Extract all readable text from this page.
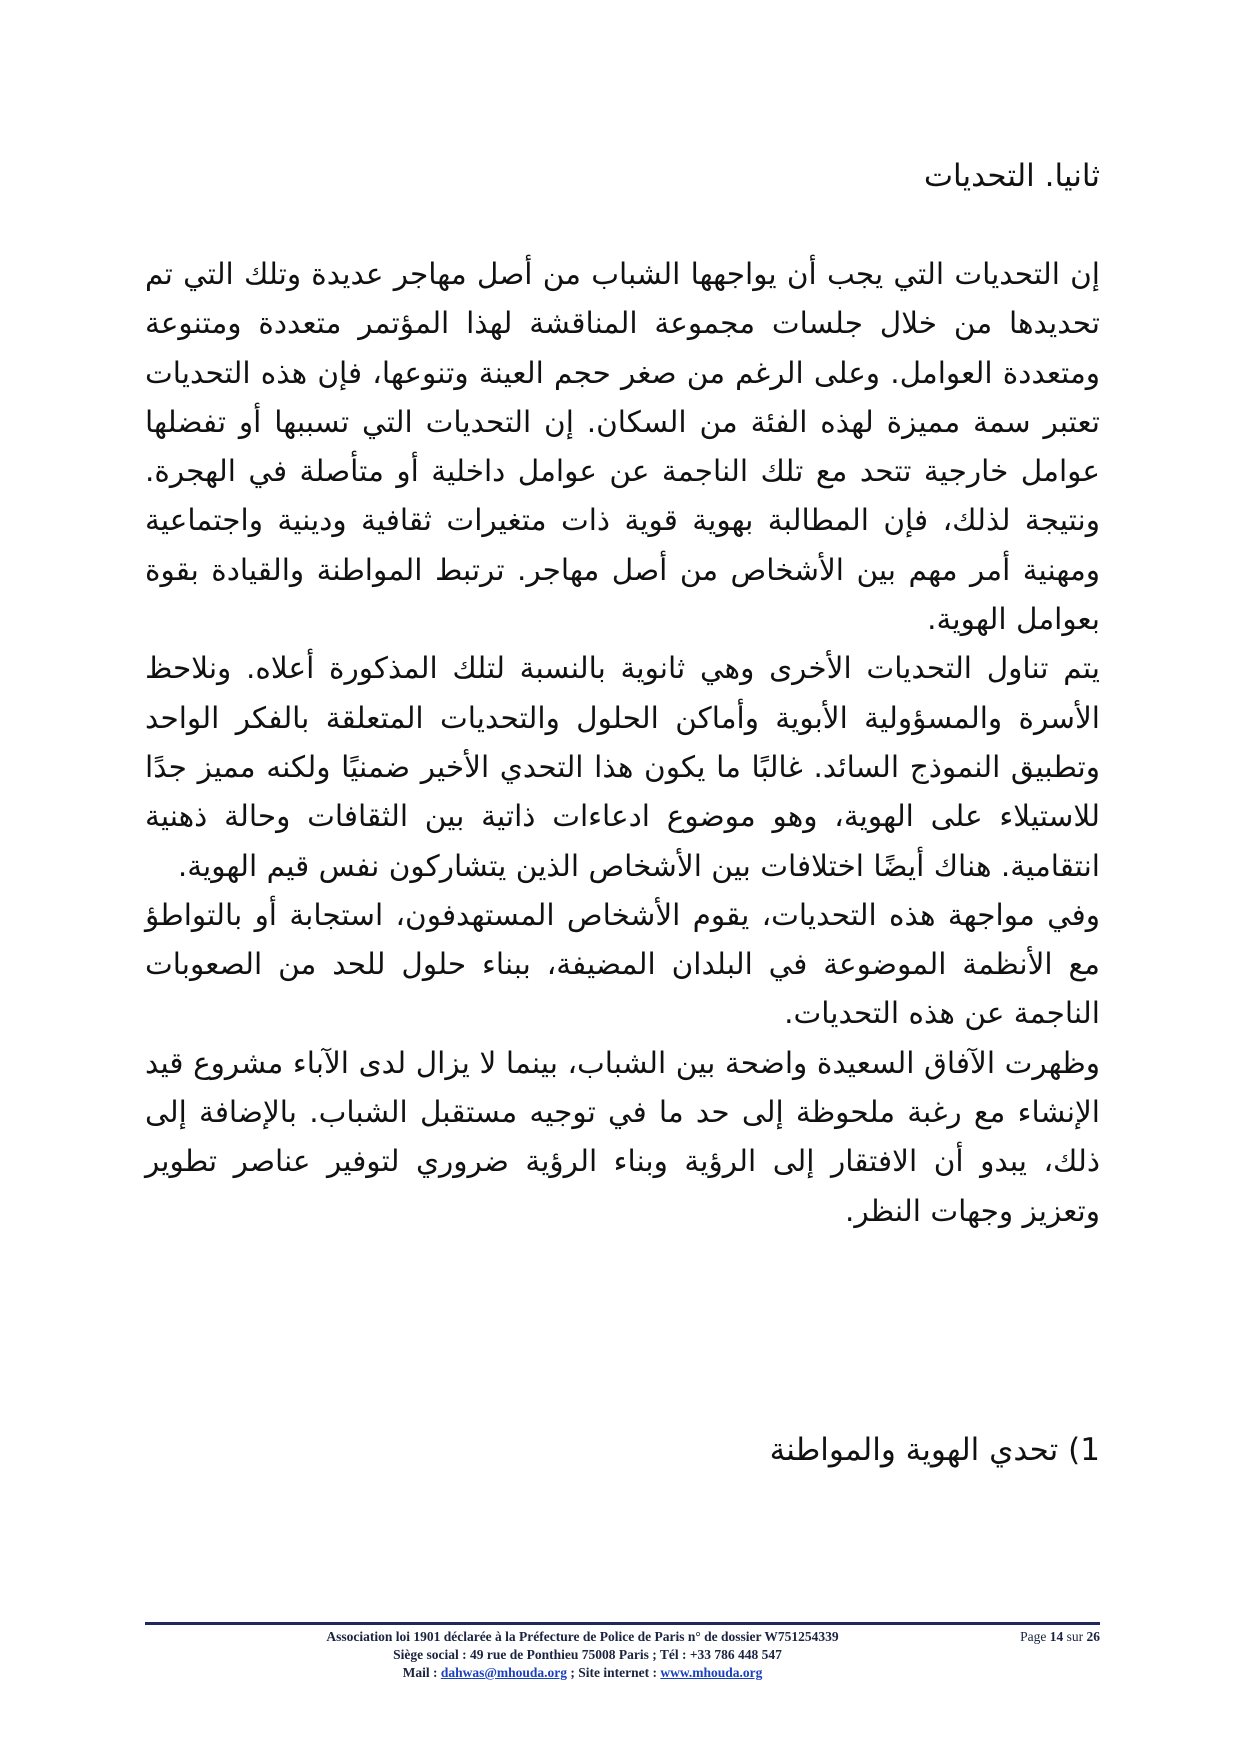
ثانيا. التحديات

إن التحديات التي يجب أن يواجهها الشباب من أصل مهاجر عديدة وتلك التي تم تحديدها من خلال جلسات مجموعة المناقشة لهذا المؤتمر متعددة ومتنوعة ومتعددة العوامل. وعلى الرغم من صغر حجم العينة وتنوعها، فإن هذه التحديات تعتبر سمة مميزة لهذه الفئة من السكان. إن التحديات التي تسببها أو تفضلها عوامل خارجية تتحد مع تلك الناجمة عن عوامل داخلية أو متأصلة في الهجرة. ونتيجة لذلك، فإن المطالبة بهوية قوية ذات متغيرات ثقافية ودينية واجتماعية ومهنية أمر مهم بين الأشخاص من أصل مهاجر. ترتبط المواطنة والقيادة بقوة بعوامل الهوية.

يتم تناول التحديات الأخرى وهي ثانوية بالنسبة لتلك المذكورة أعلاه. ونلاحظ الأسرة والمسؤولية الأبوية وأماكن الحلول والتحديات المتعلقة بالفكر الواحد وتطبيق النموذج السائد. غالبًا ما يكون هذا التحدي الأخير ضمنيًا ولكنه مميز جدًا للاستيلاء على الهوية، وهو موضوع ادعاءات ذاتية بين الثقافات وحالة ذهنية انتقامية. هناك أيضًا اختلافات بين الأشخاص الذين يتشاركون نفس قيم الهوية.

وفي مواجهة هذه التحديات، يقوم الأشخاص المستهدفون، استجابة أو بالتواطؤ مع الأنظمة الموضوعة في البلدان المضيفة، ببناء حلول للحد من الصعوبات الناجمة عن هذه التحديات.

وظهرت الآفاق السعيدة واضحة بين الشباب، بينما لا يزال لدى الآباء مشروع قيد الإنشاء مع رغبة ملحوظة إلى حد ما في توجيه مستقبل الشباب. بالإضافة إلى ذلك، يبدو أن الافتقار إلى الرؤية وبناء الرؤية ضروري لتوفير عناصر تطوير وتعزيز وجهات النظر.

1) تحدي الهوية والمواطنة
Association loi 1901 déclarée à la Préfecture de Police de Paris n° de dossier W751254339	Page 14 sur 26
Siège social : 49 rue de Ponthieu 75008 Paris ; Tél : +33 786 448 547
Mail : dahwas@mhouda.org ; Site internet : www.mhouda.org
